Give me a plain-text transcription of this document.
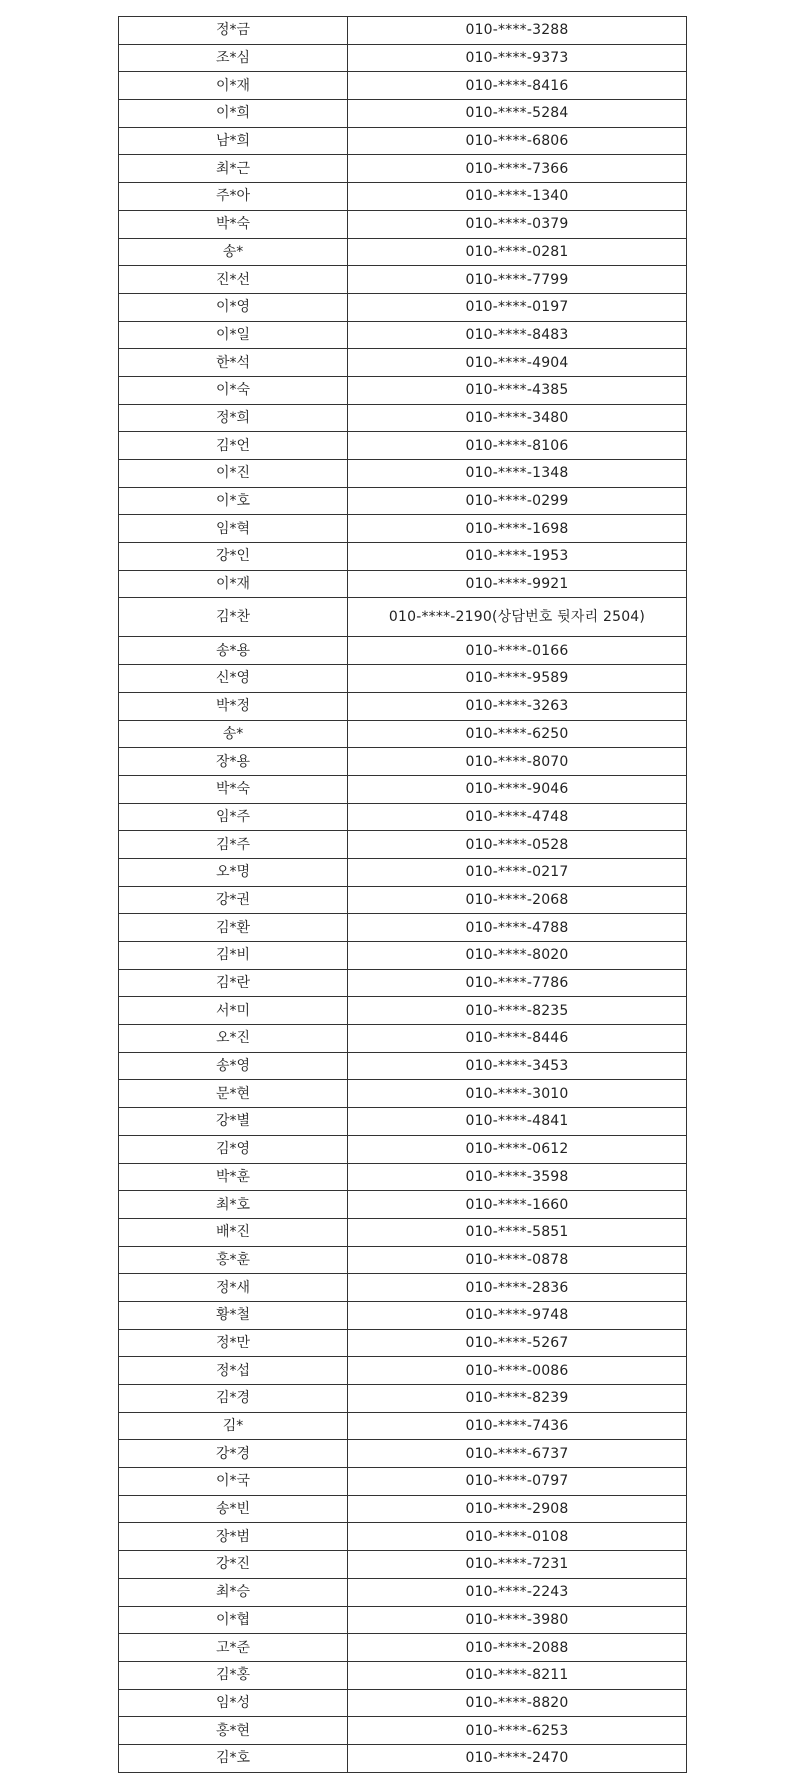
정*금	010-****-3288
조*심	010-****-9373
이*재	010-****-8416
이*희	010-****-5284
남*희	010-****-6806
최*근	010-****-7366
주*아	010-****-1340
박*숙	010-****-0379
송*	010-****-0281
진*선	010-****-7799
이*영	010-****-0197
이*일	010-****-8483
한*석	010-****-4904
이*숙	010-****-4385
정*희	010-****-3480
김*언	010-****-8106
이*진	010-****-1348
이*호	010-****-0299
임*혁	010-****-1698
강*인	010-****-1953
이*재	010-****-9921
김*찬	010-****-2190(상담번호 뒷자리 2504)
송*용	010-****-0166
신*영	010-****-9589
박*정	010-****-3263
송*	010-****-6250
장*용	010-****-8070
박*숙	010-****-9046
임*주	010-****-4748
김*주	010-****-0528
오*명	010-****-0217
강*권	010-****-2068
김*환	010-****-4788
김*비	010-****-8020
김*란	010-****-7786
서*미	010-****-8235
오*진	010-****-8446
송*영	010-****-3453
문*현	010-****-3010
강*별	010-****-4841
김*영	010-****-0612
박*훈	010-****-3598
최*호	010-****-1660
배*진	010-****-5851
홍*훈	010-****-0878
정*새	010-****-2836
황*철	010-****-9748
정*만	010-****-5267
정*섭	010-****-0086
김*경	010-****-8239
김*	010-****-7436
강*경	010-****-6737
이*국	010-****-0797
송*빈	010-****-2908
장*범	010-****-0108
강*진	010-****-7231
최*승	010-****-2243
이*협	010-****-3980
고*준	010-****-2088
김*홍	010-****-8211
임*성	010-****-8820
홍*현	010-****-6253
김*호	010-****-2470
